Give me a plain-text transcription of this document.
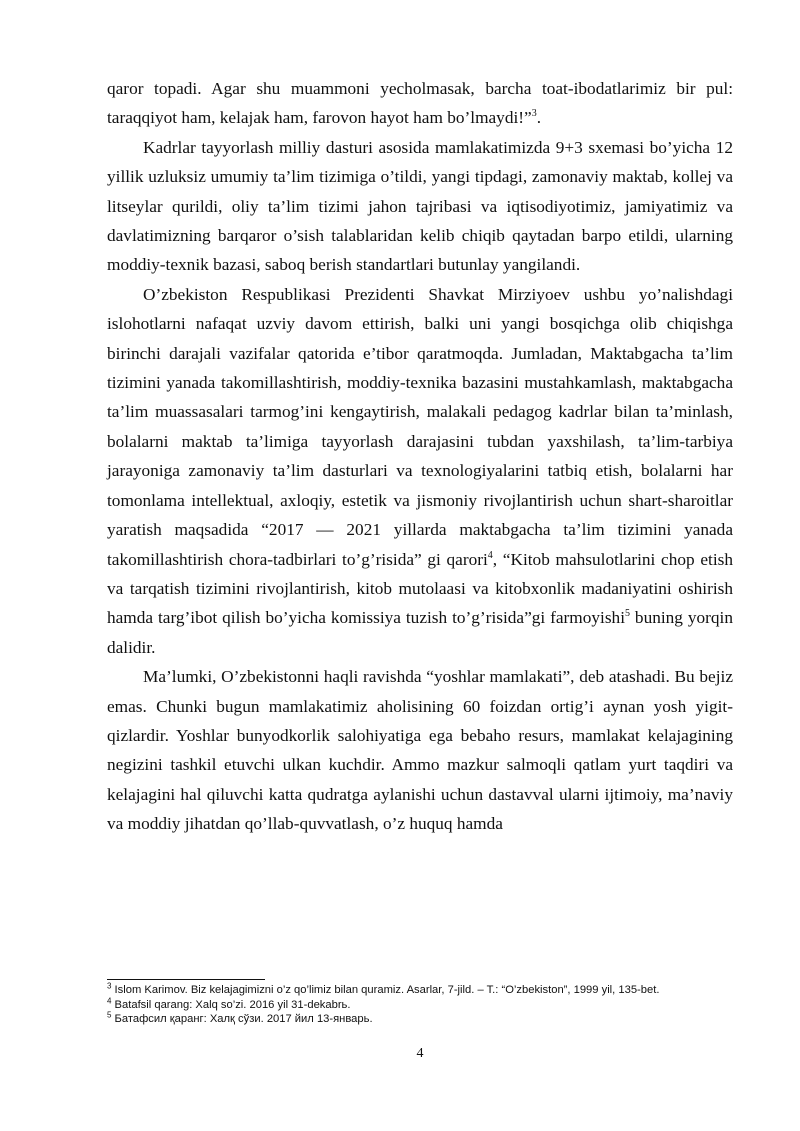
qaror topadi. Agar shu muammoni yecholmasak, barcha toat-ibodatlarimiz bir pul: taraqqiyot ham, kelajak ham, farovon hayot ham bo’lmaydi!”$^3$.

Kadrlar tayyorlash milliy dasturi asosida mamlakatimizda 9+3 sxemasi bo’yicha 12 yillik uzluksiz umumiy ta’lim tizimiga o’tildi, yangi tipdagi, zamonaviy maktab, kollej va litseylar qurildi, oliy ta’lim tizimi jahon tajribasi va iqtisodiyotimiz, jamiyatimiz va davlatimizning barqaror o’sish talablaridan kelib chiqib qaytadan barpo etildi, ularning moddiy-texnik bazasi, saboq berish standartlari butunlay yangilandi.

O’zbekiston Respublikasi Prezidenti Shavkat Mirziyoev ushbu yo’nalishdagi islohotlarni nafaqat uzviy davom ettirish, balki uni yangi bosqichga olib chiqishga birinchi darajali vazifalar qatorida e’tibor qaratmoqda. Jumladan, Maktabgacha ta’lim tizimini yanada takomillashtirish, moddiy-texnika bazasini mustahkamlash, maktabgacha ta’lim muassasalari tarmog’ini kengaytirish, malakali pedagog kadrlar bilan ta’minlash, bolalarni maktab ta’limiga tayyorlash darajasini tubdan yaxshilash, ta’lim-tarbiya jarayoniga zamonaviy ta’lim dasturlari va texnologiyalarini tatbiq etish, bolalarni har tomonlama intellektual, axloqiy, estetik va jismoniy rivojlantirish uchun shart-sharoitlar yaratish maqsadida “2017 — 2021 yillarda maktabgacha ta’lim tizimini yanada takomillashtirish chora-tadbirlari to’g’risida” gi qarori$^4$, “Kitob mahsulotlarini chop etish va tarqatish tizimini rivojlantirish, kitob mutolaasi va kitobxonlik madaniyatini oshirish hamda targ’ibot qilish bo’yicha komissiya tuzish to’g’risida”gi farmoyishi$^5$ buning yorqin dalidir.

Ma’lumki, O’zbekistonni haqli ravishda “yoshlar mamlakati”, deb atashadi. Bu bejiz emas. Chunki bugun mamlakatimiz aholisining 60 foizdan ortig’i aynan yosh yigit-qizlardir. Yoshlar bunyodkorlik salohiyatiga ega bebaho resurs, mamlakat kelajagining negizini tashkil etuvchi ulkan kuchdir. Ammo mazkur salmoqli qatlam yurt taqdiri va kelajagini hal qiluvchi katta qudratga aylanishi uchun dastavval ularni ijtimoiy, ma’naviy va moddiy jihatdan qo’llab-quvvatlash, o’z huquq hamda

$^3$ Islom Karimov. Biz kelajagimizni o’z qo’limiz bilan quramiz. Asarlar, 7-jild. – T.: “O’zbekiston”, 1999 yil, 135-bet.

$^4$ Batafsil qarang: Xalq so’zi. 2016 yil 31-dekabrь.

$^5$ Батафсил қаранг: Халқ сўзи. 2017 йил 13-январь.

4
